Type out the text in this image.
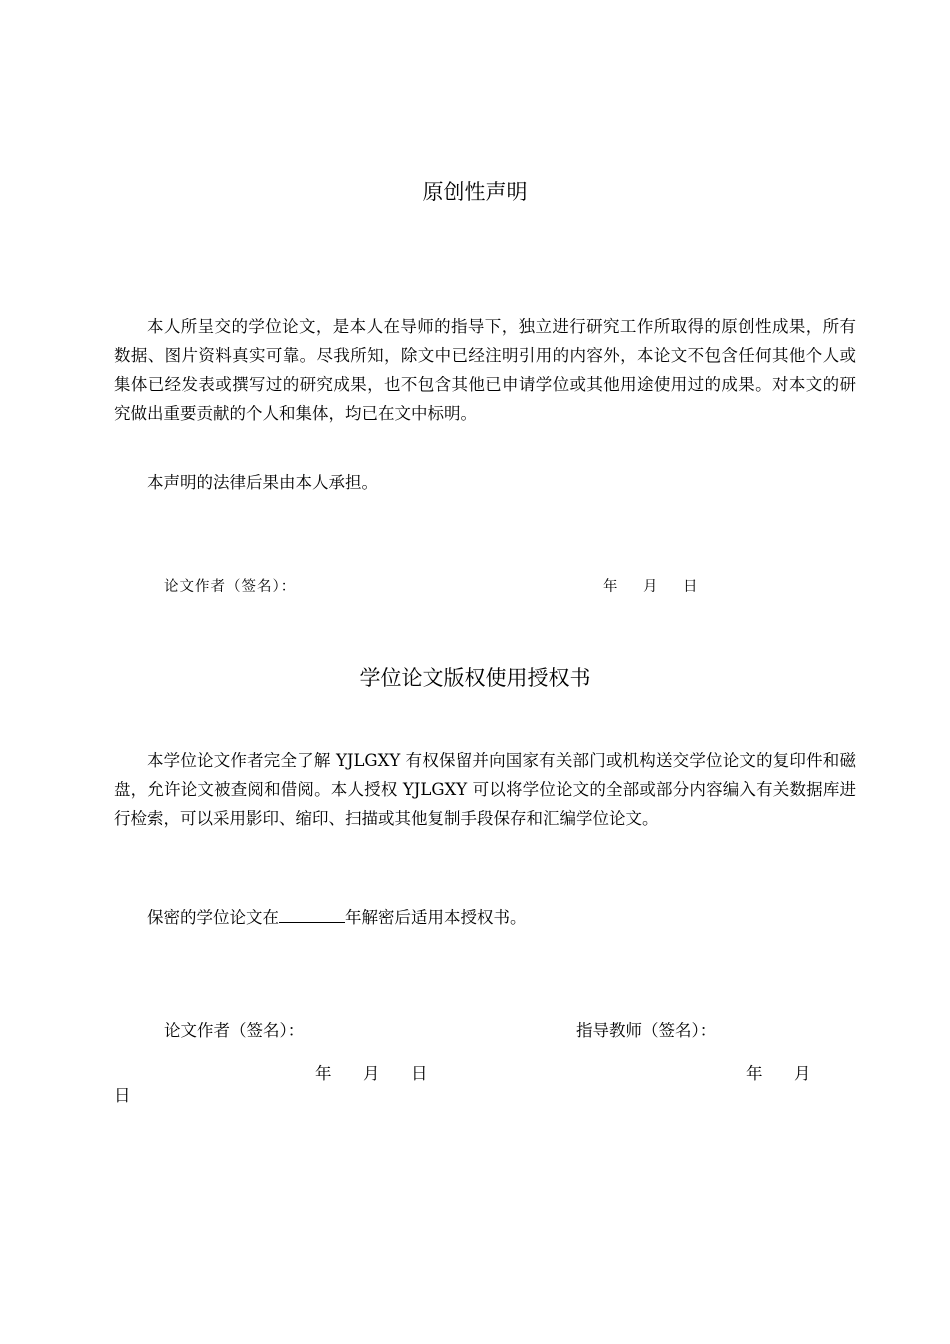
原创性声明
本人所呈交的学位论文，是本人在导师的指导下，独立进行研究工作所取得的原创性成果，所有数据、图片资料真实可靠。尽我所知，除文中已经注明引用的内容外，本论文不包含任何其他个人或集体已经发表或撰写过的研究成果，也不包含其他已申请学位或其他用途使用过的成果。对本文的研究做出重要贡献的个人和集体，均已在文中标明。
本声明的法律后果由本人承担。
论文作者（签名）：	年 月 日
学位论文版权使用授权书
本学位论文作者完全了解 YJLGXY 有权保留并向国家有关部门或机构送交学位论文的复印件和磁盘，允许论文被查阅和借阅。本人授权 YJLGXY 可以将学位论文的全部或部分内容编入有关数据库进行检索，可以采用影印、缩印、扫描或其他复制手段保存和汇编学位论文。
保密的学位论文在	年解密后适用本授权书。
论文作者（签名）：	指导教师（签名）：
年 月 日	年 月
日
